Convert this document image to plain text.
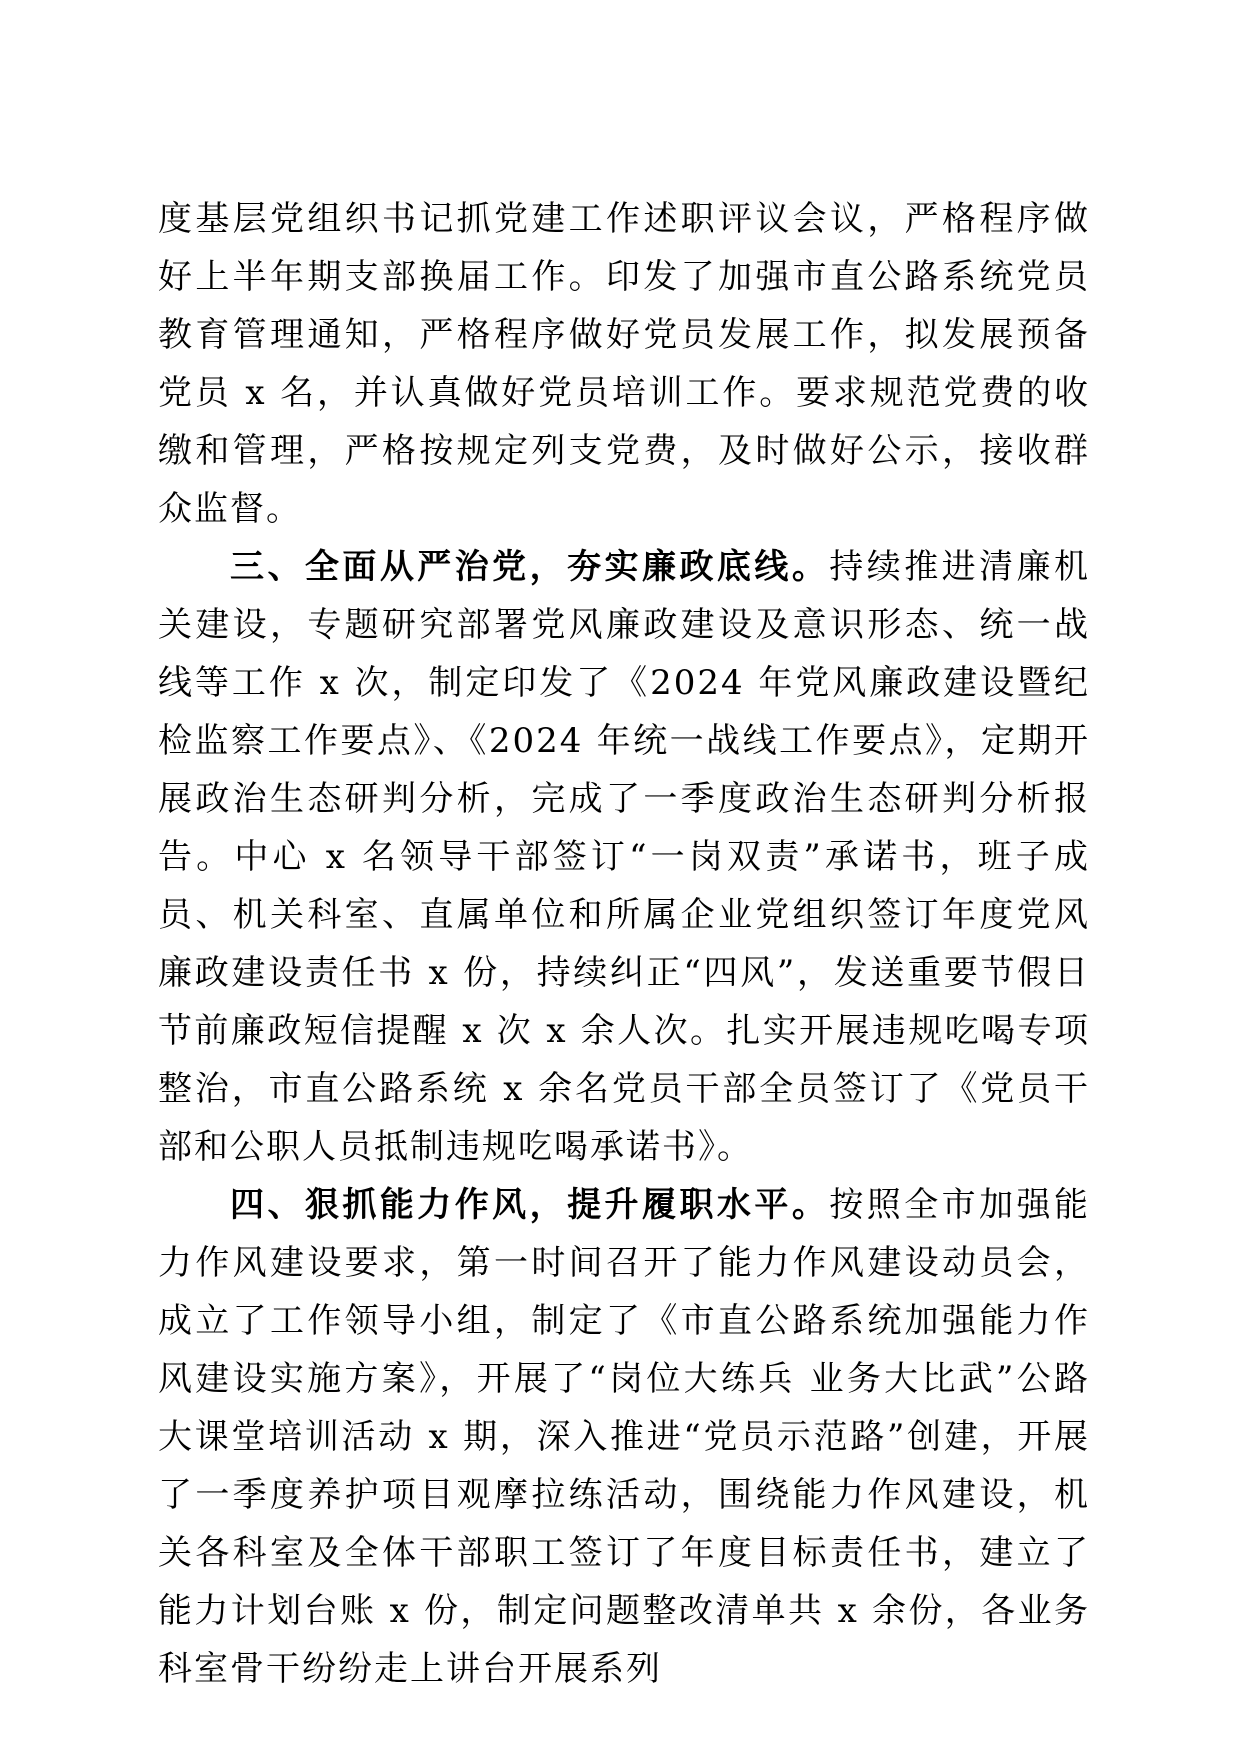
度基层党组织书记抓党建工作述职评议会议，严格程序做好上半年期支部换届工作。印发了加强市直公路系统党员教育管理通知，严格程序做好党员发展工作，拟发展预备党员 x 名，并认真做好党员培训工作。要求规范党费的收缴和管理，严格按规定列支党费，及时做好公示，接收群众监督。

三、全面从严治党，夯实廉政底线。持续推进清廉机关建设，专题研究部署党风廉政建设及意识形态、统一战线等工作 x 次，制定印发了《2024 年党风廉政建设暨纪检监察工作要点》、《2024 年统一战线工作要点》，定期开展政治生态研判分析，完成了一季度政治生态研判分析报告。中心 x 名领导干部签订“一岗双责”承诺书，班子成员、机关科室、直属单位和所属企业党组织签订年度党风廉政建设责任书 x 份，持续纠正“四风”，发送重要节假日节前廉政短信提醒 x 次 x 余人次。扎实开展违规吃喝专项整治，市直公路系统 x 余名党员干部全员签订了《党员干部和公职人员抵制违规吃喝承诺书》。

四、狠抓能力作风，提升履职水平。按照全市加强能力作风建设要求，第一时间召开了能力作风建设动员会，成立了工作领导小组，制定了《市直公路系统加强能力作风建设实施方案》，开展了“岗位大练兵 业务大比武”公路大课堂培训活动 x 期，深入推进“党员示范路”创建，开展了一季度养护项目观摩拉练活动，围绕能力作风建设，机关各科室及全体干部职工签订了年度目标责任书，建立了能力计划台账 x 份，制定问题整改清单共 x 余份，各业务科室骨干纷纷走上讲台开展系列
